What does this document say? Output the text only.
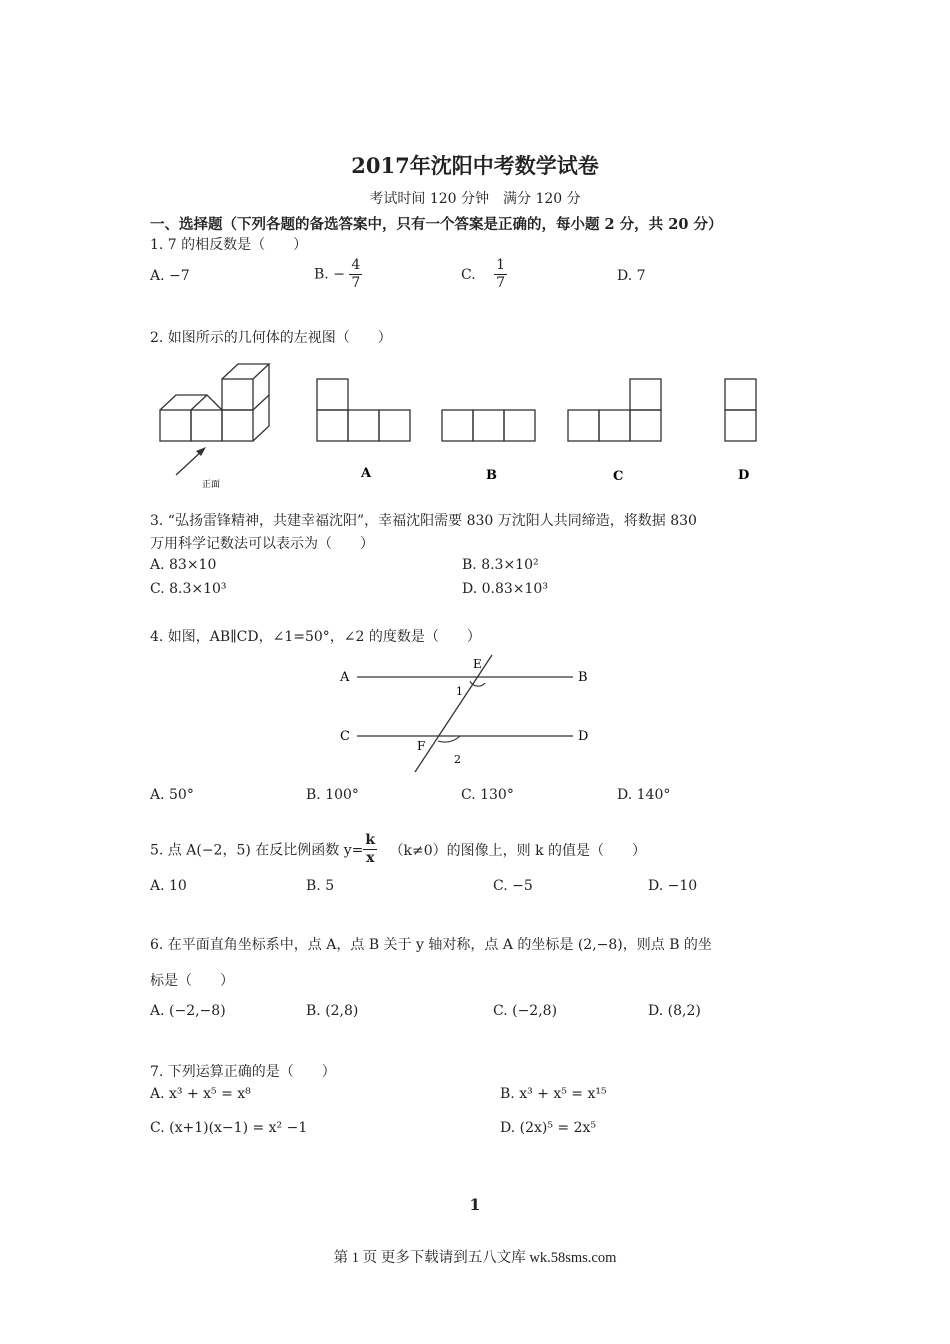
2017年沈阳中考数学试卷
考试时间 120 分钟　满分 120 分
一、选择题（下列各题的备选答案中，只有一个答案是正确的，每小题 2 分，共 20 分）
1. 7 的相反数是（　　）
A. −7	B. − $\frac{4}{7}$	C. $\frac{1}{7}$	D. 7
2. 如图所示的几何体的左视图（　　）
正面
A	B	C	D
3. “弘扬雷锋精神，共建幸福沈阳”，幸福沈阳需要 830 万沈阳人共同缔造，将数据 830
万用科学记数法可以表示为（　　）
A. 83×10	B. 8.3×10²
C. 8.3×10³	D. 0.83×10³
4. 如图，AB∥CD，∠1=50°，∠2 的度数是（　　）
A	B
C	D
E
F
1
2
A. 50°	B. 100°	C. 130°	D. 140°
5. 点 A(−2，5) 在反比例函数 $y= \frac{k}{x} (k\ne 0)$的图像上，则 k 的值是（　　）
A. 10	B. 5	C. −5	D. −10
6. 在平面直角坐标系中，点 A，点 B 关于 y 轴对称，点 A 的坐标是 (2,−8)，则点 B 的坐
标是（　　）
A. (−2,−8)	B. (2,8)	C. (−2,8)	D. (8,2)
7. 下列运算正确的是（　　）
A. x³ + x⁵ = x⁸	B. x³ + x⁵ = x¹⁵
C. (x+1)(x−1) = x² −1	D. (2x)⁵ = 2x⁵
1
第 1 页 更多下载请到五八文库 wk.58sms.com
